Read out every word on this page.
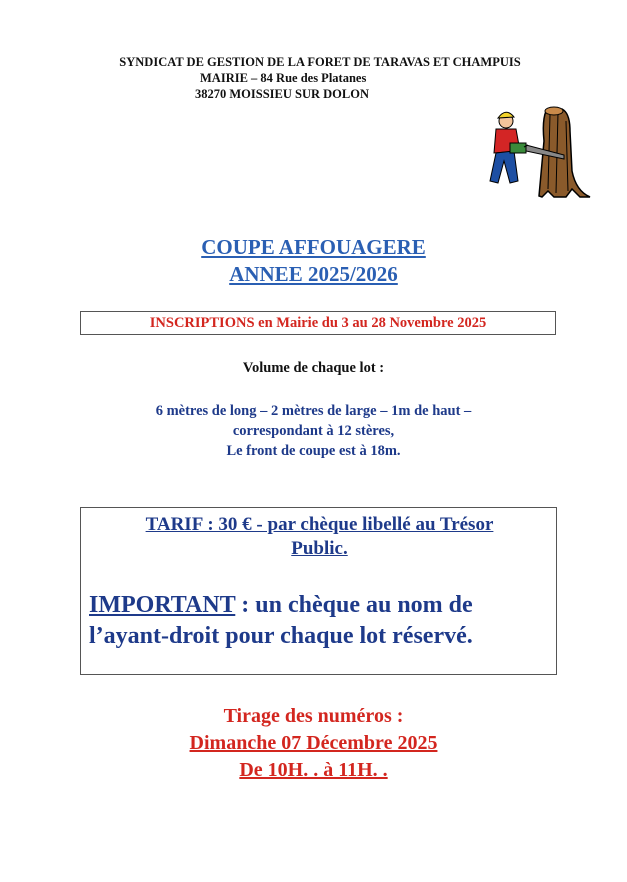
SYNDICAT DE GESTION DE LA FORET DE TARAVAS ET CHAMPUIS
MAIRIE – 84 Rue des Platanes
38270 MOISSIEU SUR DOLON
COUPE AFFOUAGERE
ANNEE 2025/2026
INSCRIPTIONS en Mairie du 3 au 28 Novembre 2025
Volume de chaque lot :
6 mètres de long – 2 mètres de large – 1m de haut –
correspondant à 12 stères,
Le front de coupe est à 18m.
TARIF : 30 € - par chèque libellé au Trésor
Public.
IMPORTANT : un chèque au nom de
l’ayant-droit pour chaque lot réservé.
Tirage des numéros :
Dimanche 07 Décembre 2025
De 10H. . à 11H. .
